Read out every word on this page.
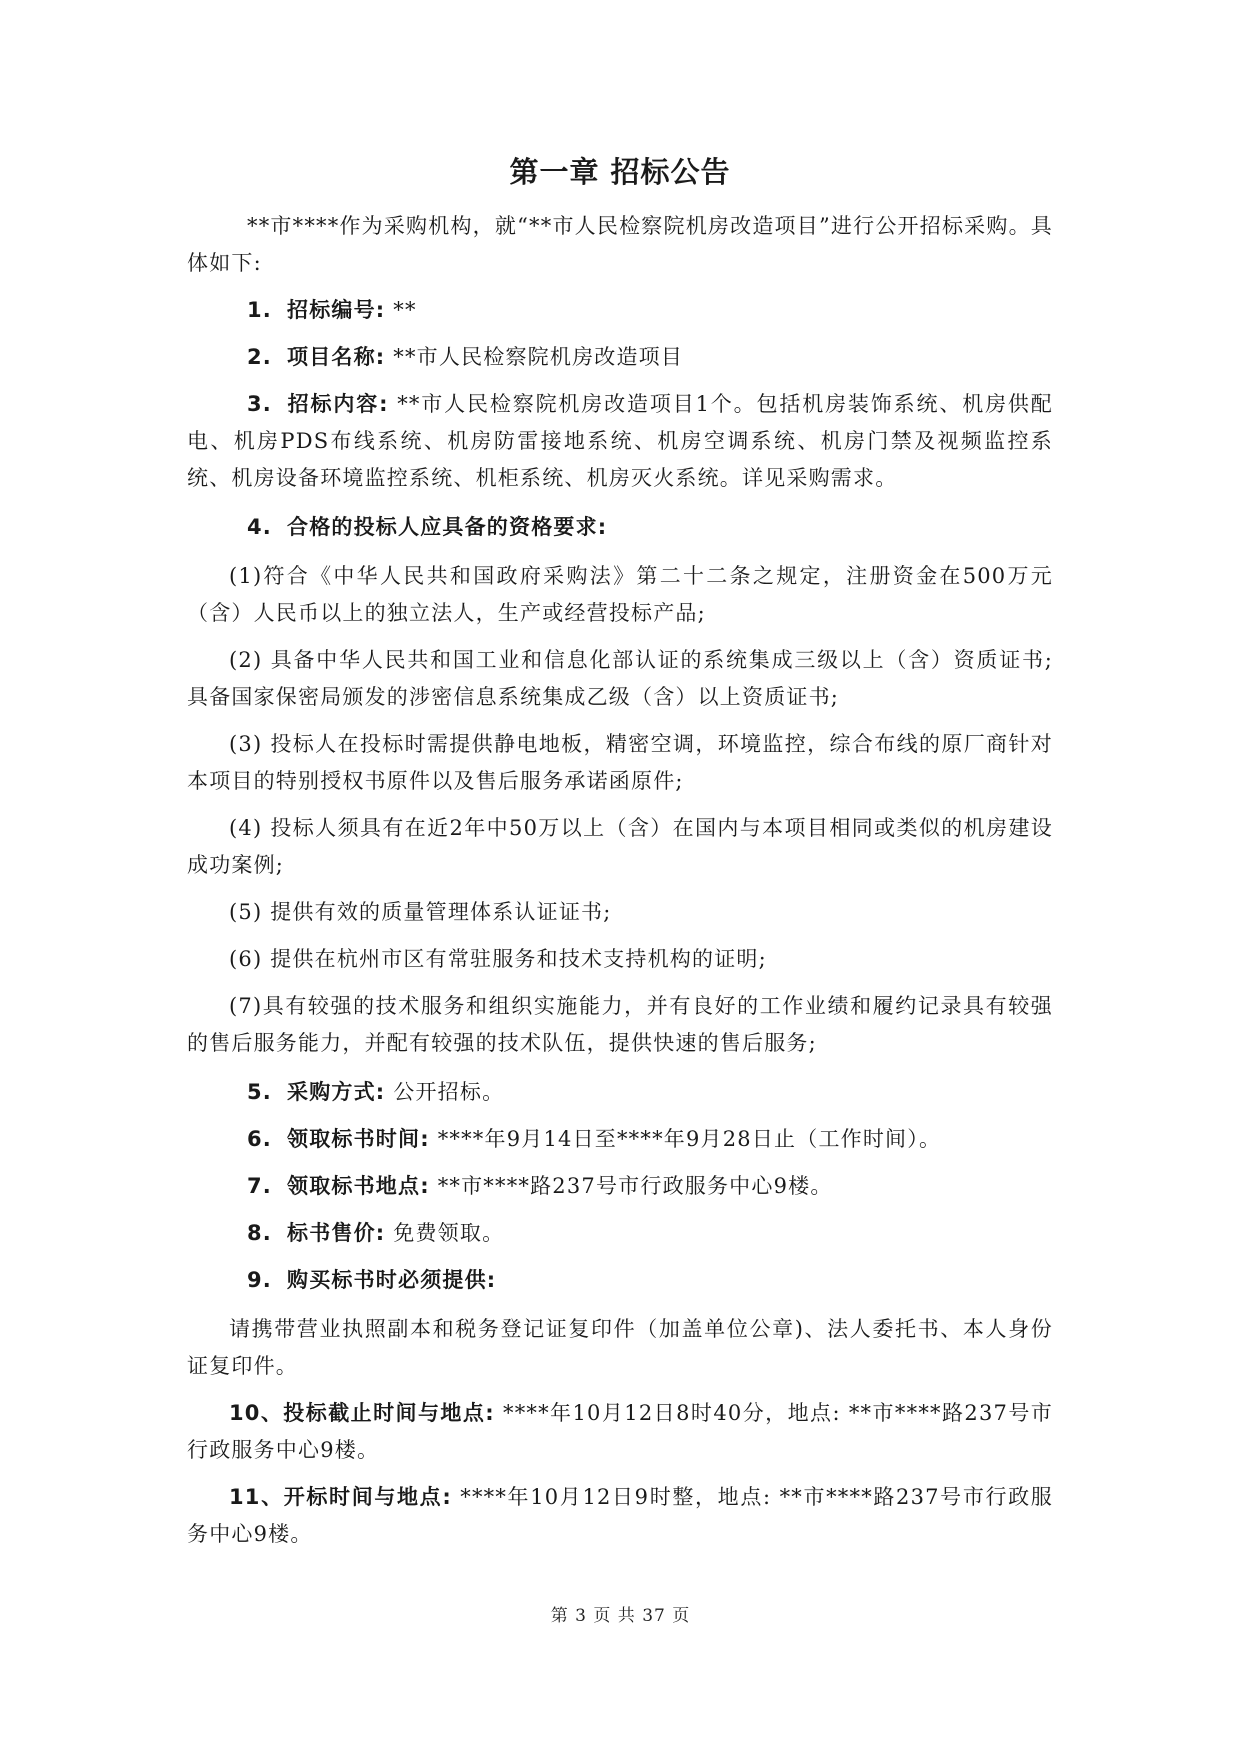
第一章 招标公告

**市****作为采购机构，就“**市人民检察院机房改造项目”进行公开招标采购。具体如下:

1. 招标编号: **

2. 项目名称: **市人民检察院机房改造项目

3. 招标内容: **市人民检察院机房改造项目1个。包括机房装饰系统、机房供配电、机房PDS布线系统、机房防雷接地系统、机房空调系统、机房门禁及视频监控系统、机房设备环境监控系统、机柜系统、机房灭火系统。详见采购需求。

4. 合格的投标人应具备的资格要求:

(1)符合《中华人民共和国政府采购法》第二十二条之规定，注册资金在500万元（含）人民币以上的独立法人，生产或经营投标产品;

(2) 具备中华人民共和国工业和信息化部认证的系统集成三级以上（含）资质证书; 具备国家保密局颁发的涉密信息系统集成乙级（含）以上资质证书;

(3) 投标人在投标时需提供静电地板，精密空调，环境监控，综合布线的原厂商针对本项目的特别授权书原件以及售后服务承诺函原件;

(4) 投标人须具有在近2年中50万以上（含）在国内与本项目相同或类似的机房建设成功案例;

(5) 提供有效的质量管理体系认证证书;

(6) 提供在杭州市区有常驻服务和技术支持机构的证明;

(7)具有较强的技术服务和组织实施能力，并有良好的工作业绩和履约记录具有较强的售后服务能力，并配有较强的技术队伍，提供快速的售后服务;

5. 采购方式: 公开招标。

6. 领取标书时间: ****年9月14日至****年9月28日止（工作时间）。

7. 领取标书地点: **市****路237号市行政服务中心9楼。

8. 标书售价: 免费领取。

9. 购买标书时必须提供:

请携带营业执照副本和税务登记证复印件（加盖单位公章)、法人委托书、本人身份证复印件。

10、投标截止时间与地点: ****年10月12日8时40分，地点: **市****路237号市行政服务中心9楼。

11、开标时间与地点: ****年10月12日9时整，地点: **市****路237号市行政服务中心9楼。

第 3 页 共 37 页
